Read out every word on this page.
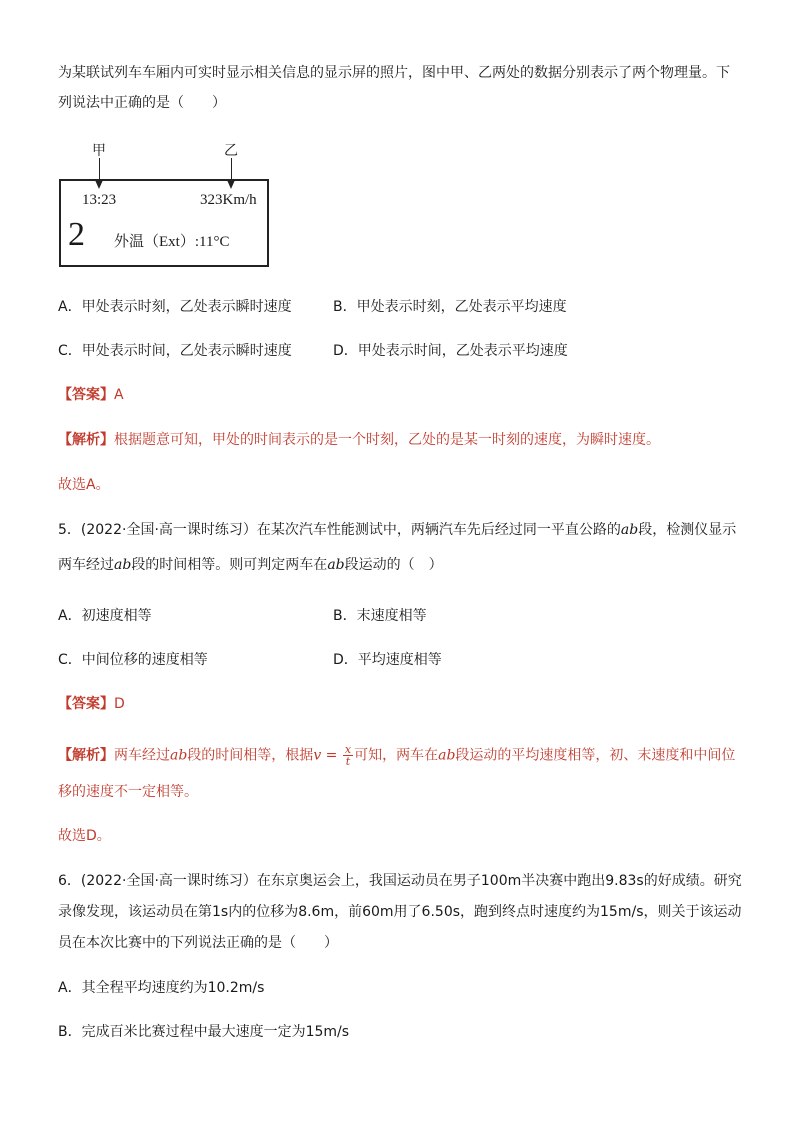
为某联试列车车厢内可实时显示相关信息的显示屏的照片，图中甲、乙两处的数据分别表示了两个物理量。下
列说法中正确的是（　　）
甲	乙
13:23	323Km/h
2 外温（Ext）:11°C
A．甲处表示时刻，乙处表示瞬时速度	B．甲处表示时刻，乙处表示平均速度
C．甲处表示时间，乙处表示瞬时速度	D．甲处表示时间，乙处表示平均速度
【答案】A
【解析】根据题意可知，甲处的时间表示的是一个时刻，乙处的是某一时刻的速度，为瞬时速度。
故选A。
5．(2022·全国·高一课时练习）在某次汽车性能测试中，两辆汽车先后经过同一平直公路的ab段，检测仪显示
两车经过ab段的时间相等。则可判定两车在ab段运动的（　）
A．初速度相等	B．末速度相等
C．中间位移的速度相等	D．平均速度相等
【答案】D
【解析】两车经过ab段的时间相等，根据$v = \frac{x}{t}$ 可知，两车在ab段运动的平均速度相等，初、末速度和中间位
移的速度不一定相等。
故选D。
6．(2022·全国·高一课时练习）在东京奥运会上，我国运动员在男子100m半决赛中跑出9.83s的好成绩。研究
录像发现，该运动员在第1s内的位移为8.6m，前60m用了6.50s，跑到终点时速度约为15m/s，则关于该运动
员在本次比赛中的下列说法正确的是（　　）
A．其全程平均速度约为10.2m/s
B．完成百米比赛过程中最大速度一定为15m/s
